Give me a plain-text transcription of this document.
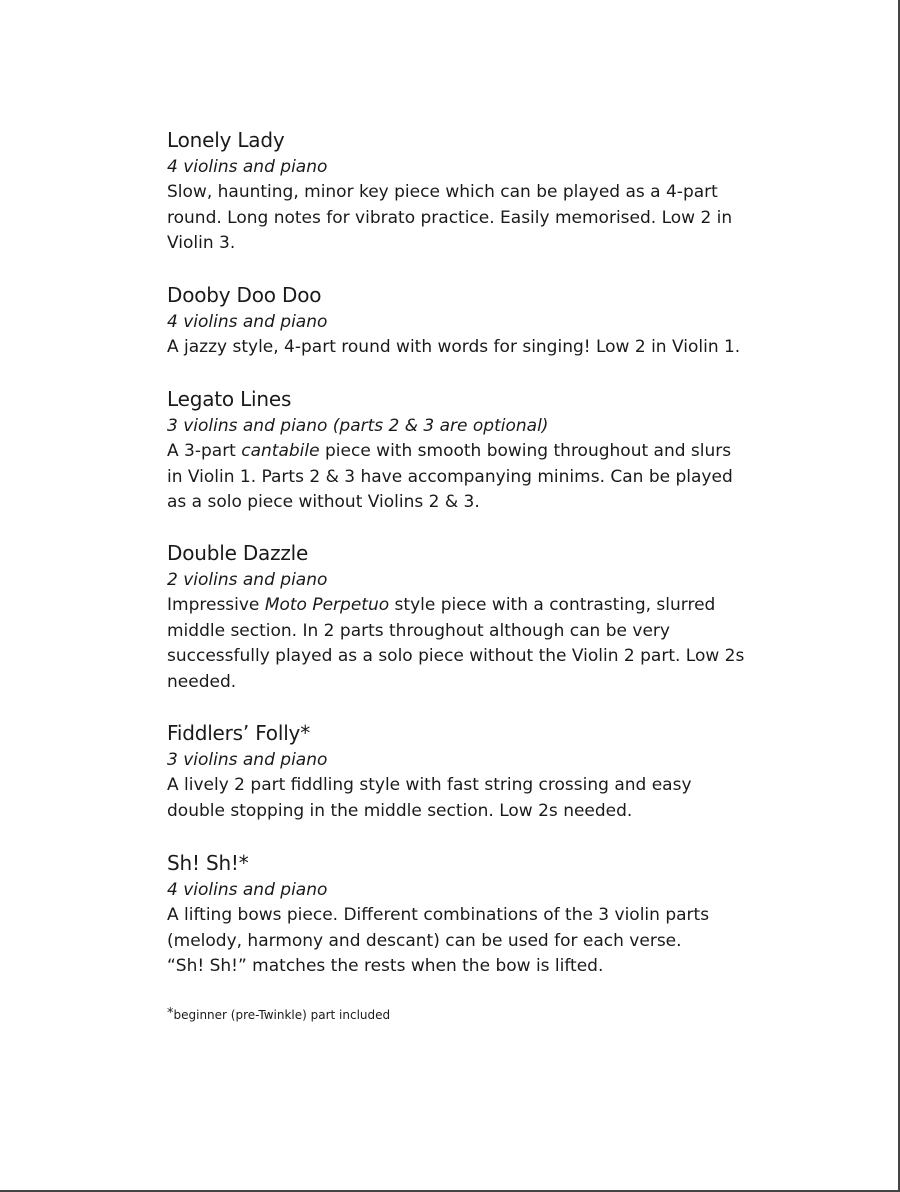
Lonely Lady

4 violins and piano

Slow, haunting, minor key piece which can be played as a 4-part
round. Long notes for vibrato practice. Easily memorised. Low 2 in
Violin 3.

Dooby Doo Doo

4 violins and piano

A jazzy style, 4-part round with words for singing! Low 2 in Violin 1.

Legato Lines

3 violins and piano (parts 2 & 3 are optional)

A 3-part cantabile piece with smooth bowing throughout and slurs
in Violin 1. Parts 2 & 3 have accompanying minims. Can be played
as a solo piece without Violins 2 & 3.

Double Dazzle

2 violins and piano

Impressive Moto Perpetuo style piece with a contrasting, slurred
middle section. In 2 parts throughout although can be very
successfully played as a solo piece without the Violin 2 part. Low 2s
needed.

Fiddlers’ Folly*

3 violins and piano

A lively 2 part fiddling style with fast string crossing and easy
double stopping in the middle section. Low 2s needed.

Sh! Sh!*

4 violins and piano

A lifting bows piece. Different combinations of the 3 violin parts
(melody, harmony and descant) can be used for each verse.
“Sh! Sh!” matches the rests when the bow is lifted.

*beginner (pre-Twinkle) part included
